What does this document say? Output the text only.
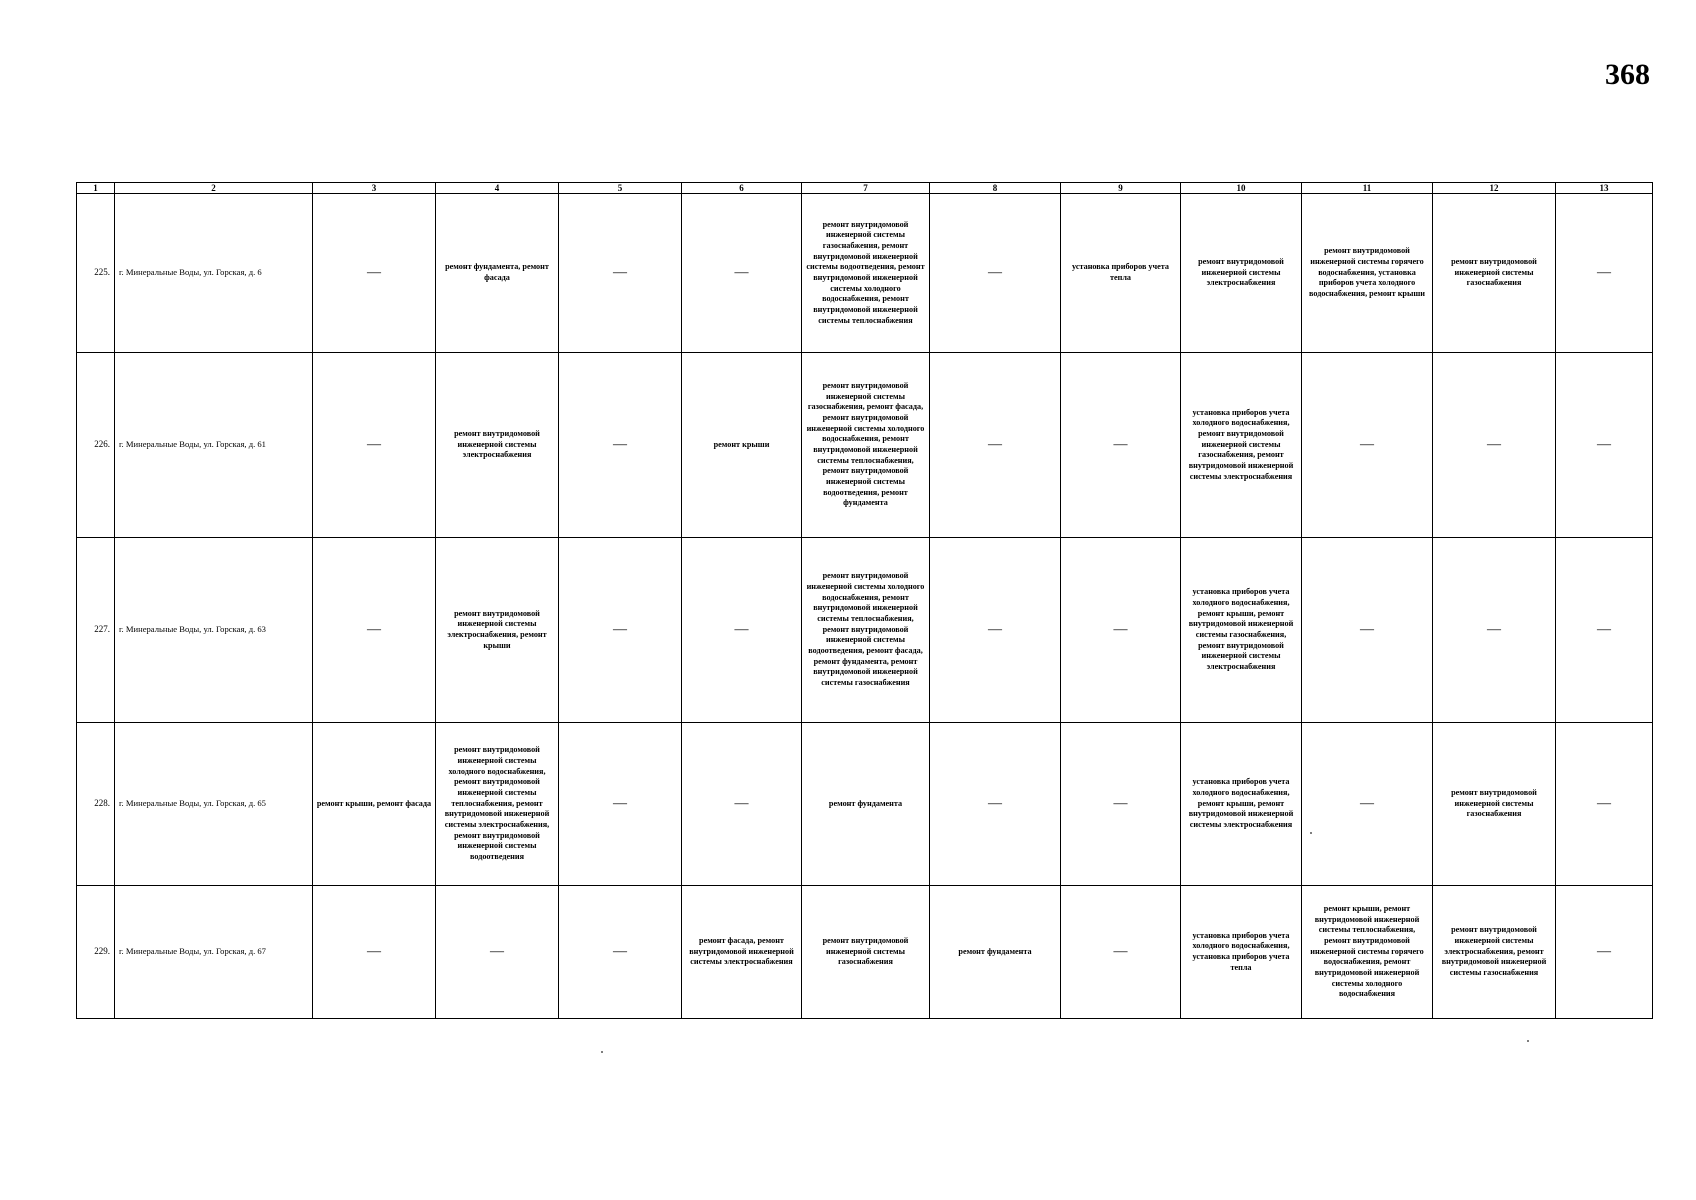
368
1	2	3	4	5	6	7	8	9	10	11	12	13
225.	г. Минеральные Воды, ул. Горская, д. 6	—	ремонт фундамента, ремонт фасада	—	—	ремонт внутридомовой инженерной системы газоснабжения, ремонт внутридомовой инженерной системы водоотведения, ремонт внутридомовой инженерной системы холодного водоснабжения, ремонт внутридомовой инженерной системы теплоснабжения	—	установка приборов учета тепла	ремонт внутридомовой инженерной системы электроснабжения	ремонт внутридомовой инженерной системы горячего водоснабжения, установка приборов учета холодного водоснабжения, ремонт крыши	ремонт внутридомовой инженерной системы газоснабжения	—
226.	г. Минеральные Воды, ул. Горская, д. 61	—	ремонт внутридомовой инженерной системы электроснабжения	—	ремонт крыши	ремонт внутридомовой инженерной системы газоснабжения, ремонт фасада, ремонт внутридомовой инженерной системы холодного водоснабжения, ремонт внутридомовой инженерной системы теплоснабжения, ремонт внутридомовой инженерной системы водоотведения, ремонт фундамента	—	—	установка приборов учета холодного водоснабжения, ремонт внутридомовой инженерной системы газоснабжения, ремонт внутридомовой инженерной системы электроснабжения	—	—	—
227.	г. Минеральные Воды, ул. Горская, д. 63	—	ремонт внутридомовой инженерной системы электроснабжения, ремонт крыши	—	—	ремонт внутридомовой инженерной системы холодного водоснабжения, ремонт внутридомовой инженерной системы теплоснабжения, ремонт внутридомовой инженерной системы водоотведения, ремонт фасада, ремонт фундамента, ремонт внутридомовой инженерной системы газоснабжения	—	—	установка приборов учета холодного водоснабжения, ремонт крыши, ремонт внутридомовой инженерной системы газоснабжения, ремонт внутридомовой инженерной системы электроснабжения	—	—	—
228.	г. Минеральные Воды, ул. Горская, д. 65	ремонт крыши, ремонт фасада	ремонт внутридомовой инженерной системы холодного водоснабжения, ремонт внутридомовой инженерной системы теплоснабжения, ремонт внутридомовой инженерной системы электроснабжения, ремонт внутридомовой инженерной системы водоотведения	—	—	ремонт фундамента	—	—	установка приборов учета холодного водоснабжения, ремонт крыши, ремонт внутридомовой инженерной системы электроснабжения	—	ремонт внутридомовой инженерной системы газоснабжения	—
229.	г. Минеральные Воды, ул. Горская, д. 67	—	—	—	ремонт фасада, ремонт внутридомовой инженерной системы электроснабжения	ремонт внутридомовой инженерной системы газоснабжения	ремонт фундамента	—	установка приборов учета холодного водоснабжения, установка приборов учета тепла	ремонт крыши, ремонт внутридомовой инженерной системы теплоснабжения, ремонт внутридомовой инженерной системы горячего водоснабжения, ремонт внутридомовой инженерной системы холодного водоснабжения	ремонт внутридомовой инженерной системы электроснабжения, ремонт внутридомовой инженерной системы газоснабжения	—
